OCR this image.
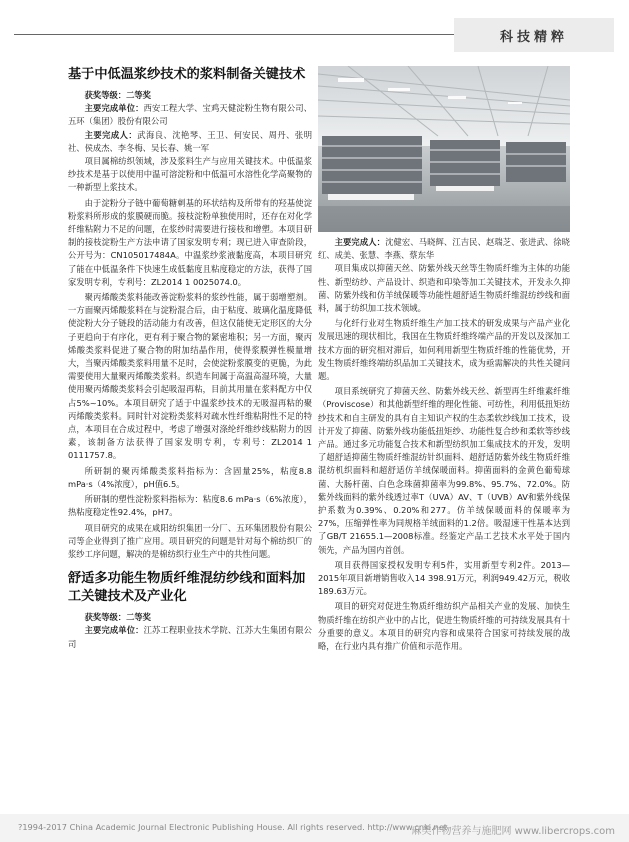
科技精粹
基于中低温浆纱技术的浆料制备关键技术

获奖等级：二等奖

主要完成单位：西安工程大学、宝鸡天健淀粉生物有限公司、五环（集团）股份有限公司

主要完成人：武海良、沈艳琴、王卫、何安民、周丹、张明社、侯成杰、李冬梅、吴长春、姚一军

项目属棉纺织领域，涉及浆料生产与应用关键技术。中低温浆纱技术是基于以使用中温可溶淀粉和中低温可水溶性化学高聚物的一种新型上浆技术。

由于淀粉分子链中葡萄糖刺基的环状结构及所带有的羟基使淀粉浆料所形成的浆膜硬而脆。接枝淀粉单独使用时，还存在对化学纤维粘附力不足的问题，在浆纱时需要进行接枝和增塑。本项目研制的接枝淀粉生产方法申请了国家发明专利；现已进入审查阶段，公开号为：CN105017484A。中温浆纱浆液黏度高，本项目研究了能在中低温条件下快速生成低黏度且粘度稳定的方法，获得了国家发明专利，专利号：ZL2014 1 0025074.0。

聚丙烯酸类浆料能改善淀粉浆料的浆纱性能，属于弱增塑剂。一方面聚丙烯酸浆料在与淀粉混合后，由于粘度、玻璃化温度降低使淀粉大分子链段的活动能力有改善，但这仅能使无定形区的大分子更趋向于有序化，更有利于聚合物的紧密堆积；另一方面，聚丙烯酸类浆料促进了聚合物的附加结晶作用，使得浆膜弹性模量增大，当聚丙烯酸类浆料用量不足时，会使淀粉浆膜变的更脆，为此需要使用大量聚丙烯酸类浆料。织造车间属于高温高湿环境，大量使用聚丙烯酸类浆料会引起吸湿再粘，目前其用量在浆料配方中仅占5%~10%。本项目研究了适于中温浆纱技术的无吸湿再粘的聚丙烯酸类浆料。同时针对淀粉类浆料对疏水性纤维粘附性不足的特点，本项目在合成过程中，考虑了增强对涤纶纤维纱线粘附力的因素，该制备方法获得了国家发明专利，专利号：ZL2014 1 0111757.8。

所研制的聚丙烯酸类浆料指标为：含固量25%，粘度8.8 mPa·s（4%浓度），pH值6.5。

所研制的塑性淀粉浆料指标为：粘度8.6 mPa·s（6%浓度），热粘度稳定性92.4%，pH7。

项目研究的成果在咸阳纺织集团一分厂、五环集团股份有限公司等企业得到了推广应用。项目研究的问题是针对每个棉纺织厂的浆纱工序问题，解决的是棉纺织行业生产中的共性问题。

舒适多功能生物质纤维混纺纱线和面料加工关键技术及产业化

获奖等级：二等奖

主要完成单位：江苏工程职业技术学院、江苏大生集团有限公司

主要完成人：沈健宏、马晓辉、江吉民、赵瑞芝、张进武、徐晓红、成美、张慧、李燕、蔡东华

项目集成以抑菌天丝、防紫外线天丝等生物质纤维为主体的功能性、新型纺纱、产品设计、织造和印染等加工关键技术，开发永久抑菌、防紫外线和仿羊绒保暖等功能性超舒适生物质纤维混纺纱线和面料，属于纺织加工技术领域。

与化纤行业对生物质纤维生产加工技术的研发成果与产品产业化发展迅速的现状相比，我国在生物质纤维终端产品的开发以及深加工技术方面的研究相对滞后，如何利用新型生物质纤维的性能优势，开发生物质纤维终端纺织品加工关键技术，成为亟需解决的共性关键问题。

项目系统研究了抑菌天丝、防紫外线天丝、新型再生纤维素纤维（Proviscose）和其他新型纤维的理化性能、可纺性，利用低扭矩纺纱技术和自主研发的具有自主知识产权的生态柔软纱线加工技术，设计开发了抑菌、防紫外线功能低扭矩纱、功能性复合纱和柔软等纱线产品。通过多元功能复合技术和新型纺织加工集成技术的开发，发明了超舒适抑菌生物质纤维混纺针织面料、超舒适防紫外线生物质纤维混纺机织面料和超舒适仿羊绒保暖面料。抑菌面料的金黄色葡萄球菌、大肠杆菌、白色念珠菌抑菌率为99.8%、95.7%、72.0%。防紫外线面料的紫外线透过率T（UVA）AV、T（UVB）AV和紫外线保护系数为0.39%、0.20%和277。仿羊绒保暖面料的保暖率为27%，压缩弹性率为同规格羊绒面料的1.2倍。吸湿速干性基本达到了GB/T 21655.1—2008标准。经鉴定产品工艺技术水平处于国内领先，产品为国内首创。

项目获得国家授权发明专利5件，实用新型专利2件。2013—2015年项目新增销售收入14 398.91万元，利润949.42万元，税收189.63万元。

项目的研究对促进生物质纤维纺织产品相关产业的发展、加快生物质纤维在纺织产业中的占比，促进生物质纤维的可持续发展具有十分重要的意义。本项目的研究内容和成果符合国家可持续发展的战略，在行业内具有推广价值和示范作用。

?1994-2017 China Academic Journal Electronic Publishing House. All rights reserved. http://www.cnki.net
麻类作物营养与施肥网 www.libercrops.com
